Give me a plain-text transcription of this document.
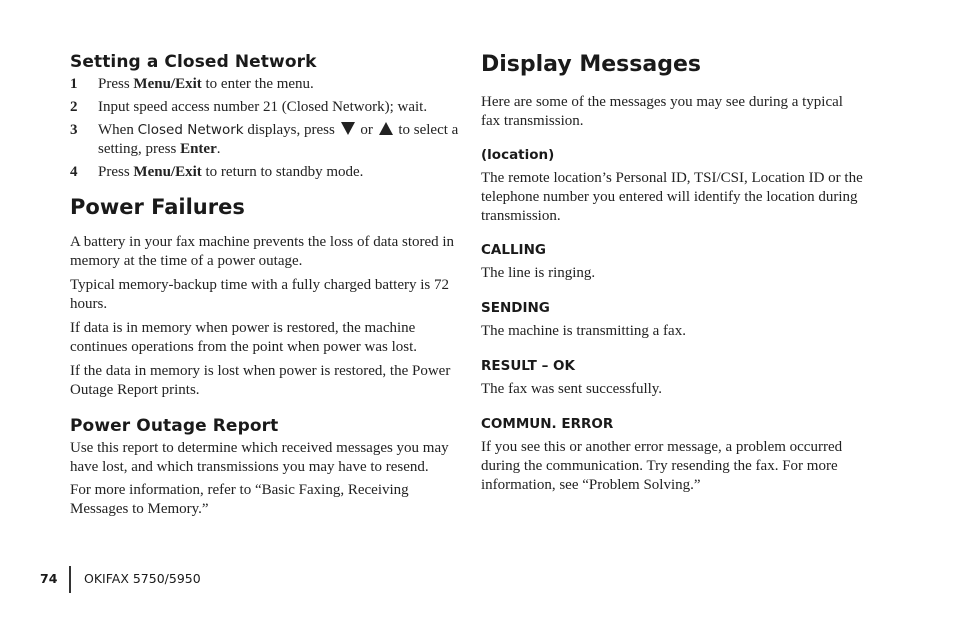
Setting a Closed Network
1 Press Menu/Exit to enter the menu.
2 Input speed access number 21 (Closed Network); wait.
3 When Closed Network displays, press  or  to select a setting, press Enter.
4 Press Menu/Exit to return to standby mode.
Power Failures

A battery in your fax machine prevents the loss of data stored in memory at the time of a power outage.

Typical memory-backup time with a fully charged battery is 72 hours.

If data is in memory when power is restored, the machine continues operations from the point when power was lost.

If the data in memory is lost when power is restored, the Power Outage Report prints.

Power Outage Report

Use this report to determine which received messages you may have lost, and which transmissions you may have to resend.

For more information, refer to “Basic Faxing, Receiving Messages to Memory.”

Display Messages

Here are some of the messages you may see during a typical fax transmission.

(location)

The remote location’s Personal ID, TSI/CSI, Location ID or the telephone number you entered will identify the location during transmission.

CALLING

The line is ringing.

SENDING

The machine is transmitting a fax.

RESULT – OK

The fax was sent successfully.

COMMUN. ERROR

If you see this or another error message, a problem occurred during the communication. Try resending the fax. For more information, see “Problem Solving.”

74 OKIFAX 5750/5950
